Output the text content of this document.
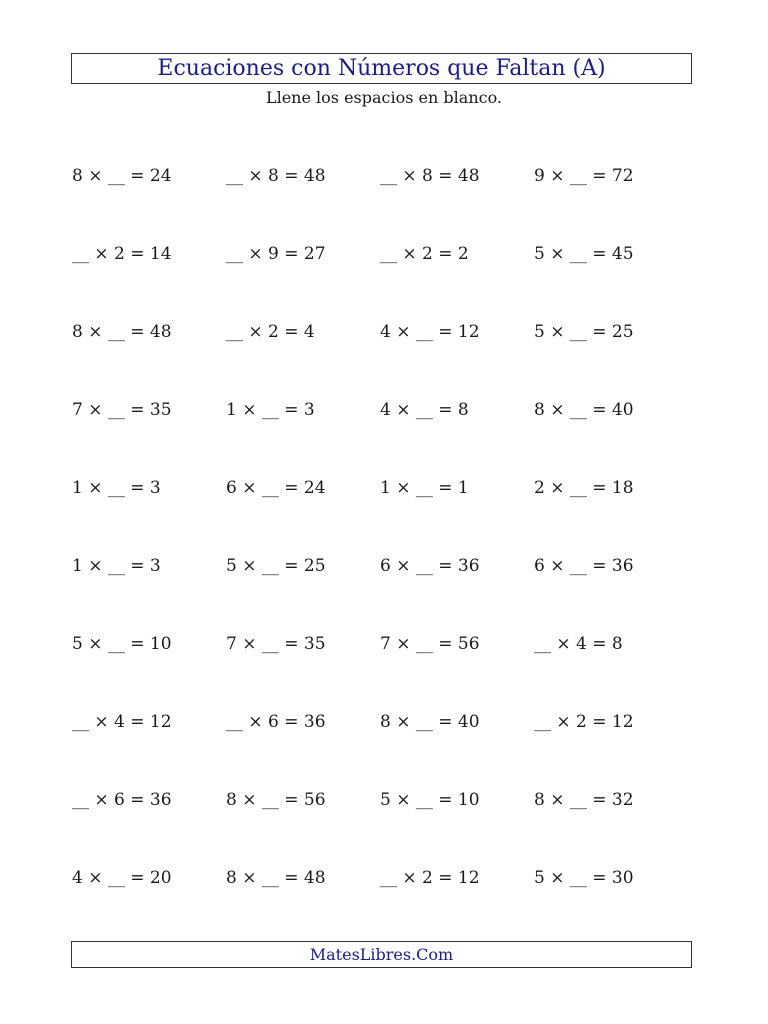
Ecuaciones con Números que Faltan (A)
Llene los espacios en blanco.
8 × __ = 24	__ × 8 = 48	__ × 8 = 48	9 × __ = 72
__ × 2 = 14	__ × 9 = 27	__ × 2 = 2	5 × __ = 45
8 × __ = 48	__ × 2 = 4	4 × __ = 12	5 × __ = 25
7 × __ = 35	1 × __ = 3	4 × __ = 8	8 × __ = 40
1 × __ = 3	6 × __ = 24	1 × __ = 1	2 × __ = 18
1 × __ = 3	5 × __ = 25	6 × __ = 36	6 × __ = 36
5 × __ = 10	7 × __ = 35	7 × __ = 56	__ × 4 = 8
__ × 4 = 12	__ × 6 = 36	8 × __ = 40	__ × 2 = 12
__ × 6 = 36	8 × __ = 56	5 × __ = 10	8 × __ = 32
4 × __ = 20	8 × __ = 48	__ × 2 = 12	5 × __ = 30
MatesLibres.Com
